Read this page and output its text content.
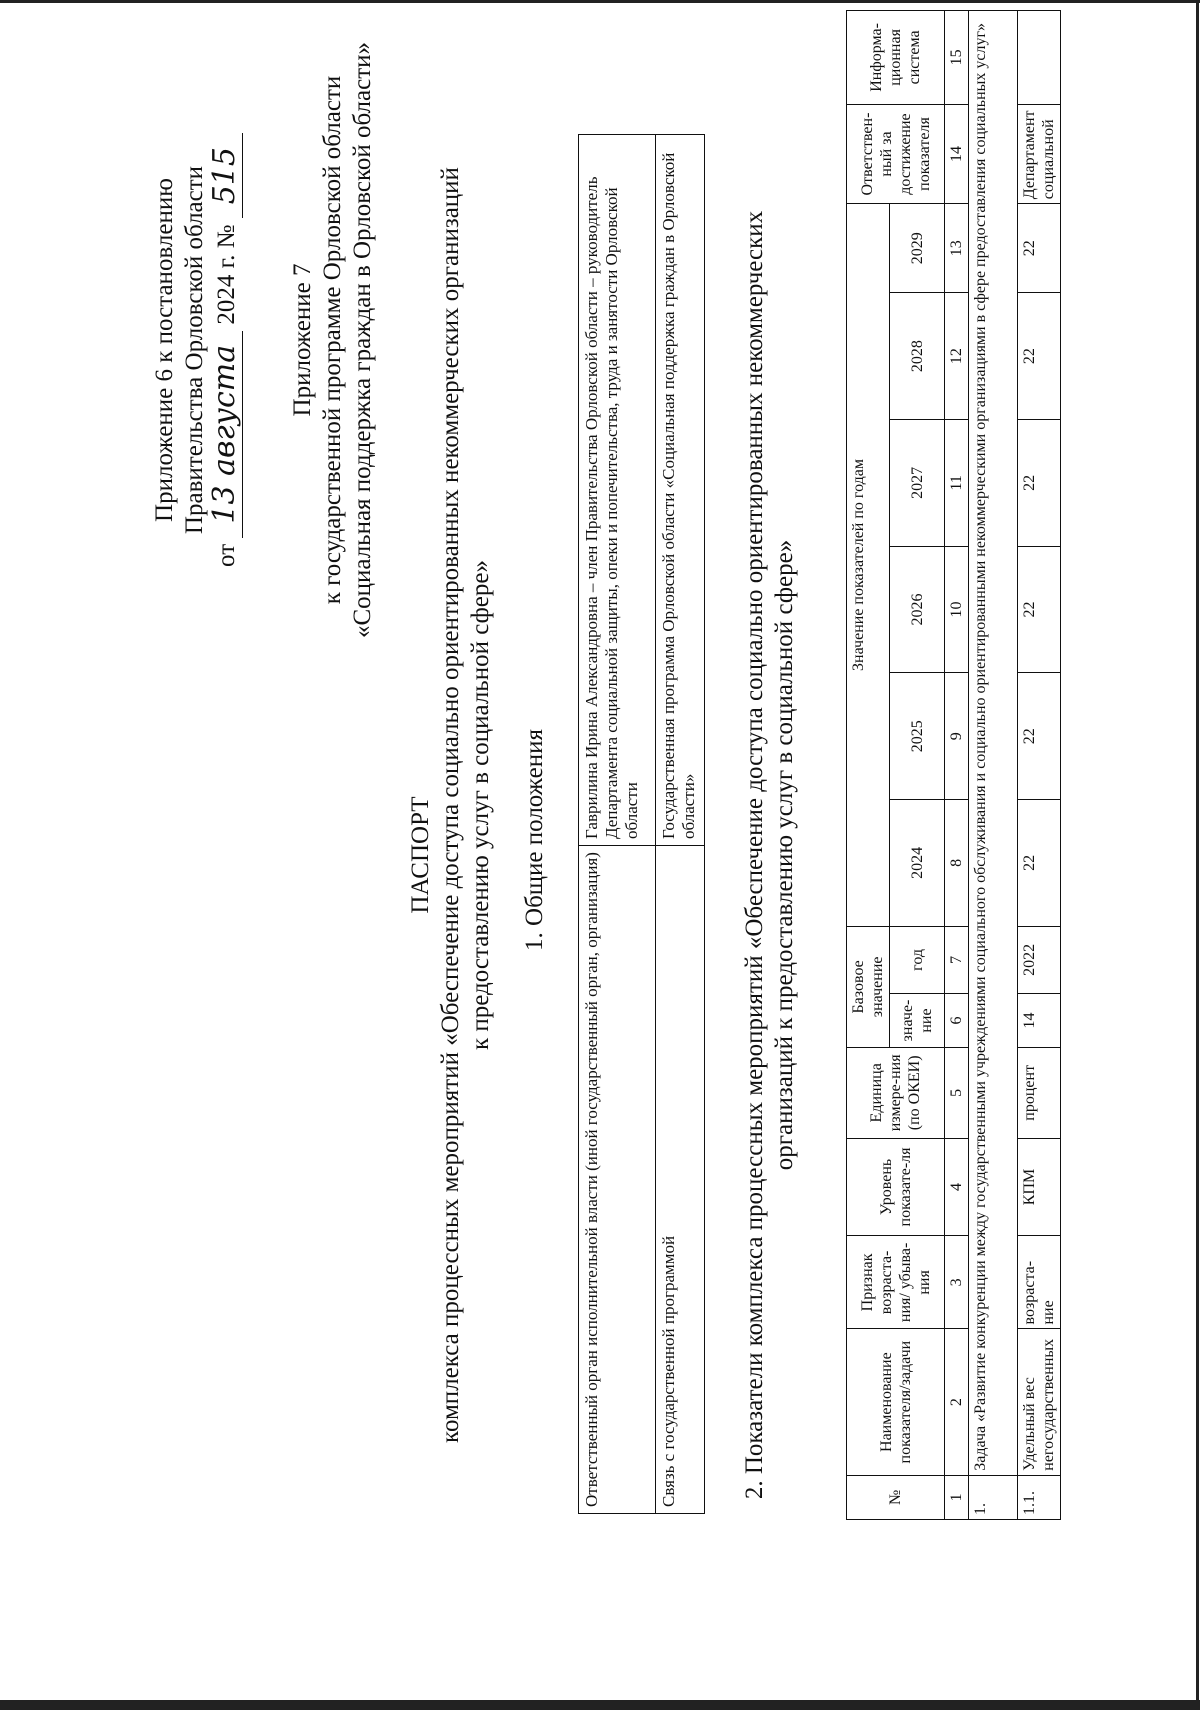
Приложение 6 к постановлению Правительства Орловской области
от 13 августа 2024 г. № 515
Приложение 7 к государственной программе Орловской области «Социальная поддержка граждан в Орловской области»
ПАСПОРТ комплекса процессных мероприятий «Обеспечение доступа социально ориентированных некоммерческих организаций к предоставлению услуг в социальной сфере» 1. Общие положения
Ответственный орган исполнительной власти (иной государственный орган, организация)	Гаврилина Ирина Александровна – член Правительства Орловской области – руководитель Департамента социальной защиты, опеки и попечительства, труда и занятости Орловской области
Связь с государственной программой	Государственная программа Орловской области «Социальная поддержка граждан в Орловской области» 2. Показатели комплекса процессных мероприятий «Обеспечение доступа социально ориентированных некоммерческих организаций к предоставлению услуг в социальной сфере»
№	Наименование показателя/задачи	Признак возраста-ния/ убыва-ния	Уровень показате-ля	Единица измере-ния (по ОКЕИ)	Базовое значение		Значение показателей по годам						Ответствен-ный за достижение показателя	Информа-ционная система
					значе-ние	год	2024	2025	2026	2027	2028	2029		
1	2	3	4	5	6	7	8	9	10	11	12	13	14	15
1.	Задача «Развитие конкуренции между государственными учреждениями социального обслуживания и социально ориентированными некоммерческими организациями в сфере предоставления социальных услуг»													
1.1.	Удельный вес негосударственных	возраста-ние	КПМ	процент	14	2022	22	22	22	22	22	22	Департамент социальной	
